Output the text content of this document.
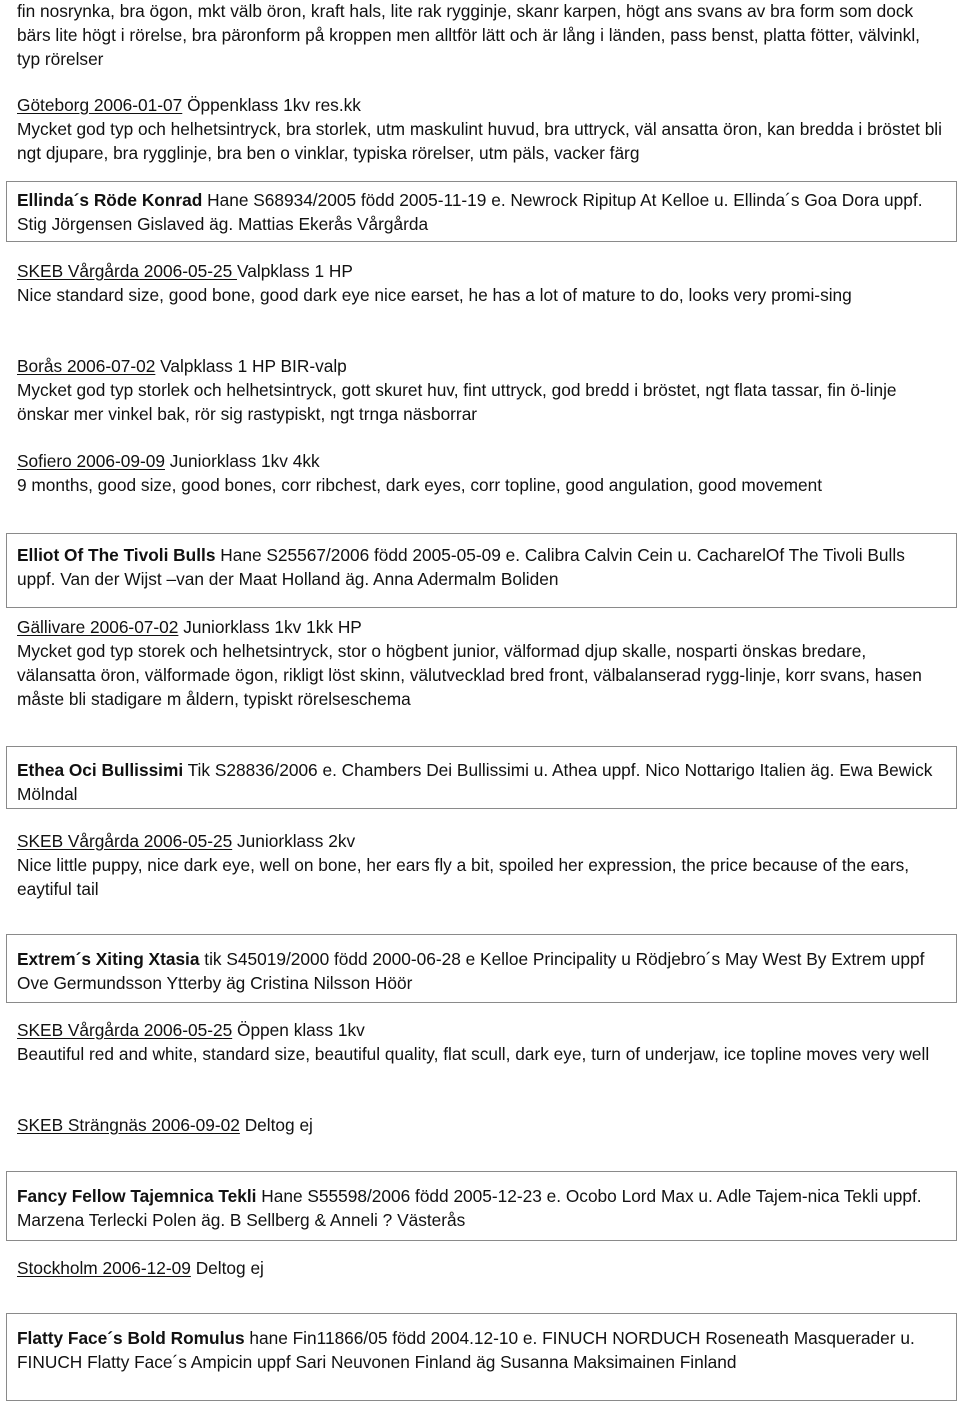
fin nosrynka, bra ögon, mkt välb öron, kraft hals, lite rak rygginje, skanr karpen, högt ans svans av bra form som dock bärs lite högt i rörelse, bra päronform på kroppen men alltför lätt och är lång i länden, pass benst, platta fötter, välvinkl, typ rörelser

Göteborg 2006-01-07 Öppenklass 1kv res.kk

Mycket god typ och helhetsintryck, bra storlek, utm maskulint huvud, bra uttryck, väl ansatta öron, kan bredda i bröstet bli ngt djupare, bra rygglinje, bra ben o vinklar, typiska rörelser, utm päls, vacker färg

Ellinda´s Röde Konrad Hane S68934/2005 född 2005-11-19 e. Newrock Ripitup At Kelloe u. Ellinda´s Goa Dora uppf. Stig Jörgensen Gislaved äg. Mattias Ekerås Vårgårda

SKEB Vårgårda 2006-05-25 Valpklass 1 HP

Nice standard size, good bone, good dark eye nice earset, he has a lot of mature to do, looks very promi-sing

Borås 2006-07-02 Valpklass 1 HP BIR-valp

Mycket god typ storlek och helhetsintryck, gott skuret huv, fint uttryck, god bredd i bröstet, ngt flata tassar, fin ö-linje önskar mer vinkel bak, rör sig rastypiskt, ngt trnga näsborrar

Sofiero 2006-09-09 Juniorklass 1kv 4kk

9 months, good size, good bones, corr ribchest, dark eyes, corr topline, good angulation, good movement

Elliot Of The Tivoli Bulls Hane S25567/2006 född 2005-05-09 e. Calibra Calvin Cein u. CacharelOf The Tivoli Bulls uppf. Van der Wijst –van der Maat Holland äg. Anna Adermalm Boliden

Gällivare 2006-07-02 Juniorklass 1kv 1kk HP

Mycket god typ storek och helhetsintryck, stor o högbent junior, välformad djup skalle, nosparti önskas bredare, välansatta öron, välformade ögon, rikligt löst skinn, välutvecklad bred front, välbalanserad rygg-linje, korr svans, hasen måste bli stadigare m åldern, typiskt rörelseschema

Ethea Oci Bullissimi Tik S28836/2006 e. Chambers Dei Bullissimi u. Athea uppf. Nico Nottarigo Italien äg. Ewa Bewick Mölndal

SKEB Vårgårda 2006-05-25 Juniorklass 2kv

Nice little puppy, nice dark eye, well on bone, her ears fly a bit, spoiled her expression, the price because of the ears, eaytiful tail

Extrem´s Xiting Xtasia tik S45019/2000 född 2000-06-28 e Kelloe Principality u Rödjebro´s May West By Extrem uppf Ove Germundsson Ytterby äg Cristina Nilsson Höör

SKEB Vårgårda 2006-05-25 Öppen klass 1kv

Beautiful red and white, standard size, beautiful quality, flat scull, dark eye, turn of underjaw, ice topline moves very well

SKEB Strängnäs 2006-09-02 Deltog ej

Fancy Fellow Tajemnica Tekli Hane S55598/2006 född 2005-12-23 e. Ocobo Lord Max u. Adle Tajem-nica Tekli uppf. Marzena Terlecki Polen äg. B Sellberg & Anneli ? Västerås

Stockholm 2006-12-09 Deltog ej

Flatty Face´s Bold Romulus hane Fin11866/05 född 2004.12-10 e. FINUCH NORDUCH Roseneath Masquerader u. FINUCH Flatty Face´s Ampicin uppf Sari Neuvonen Finland äg Susanna Maksimainen Finland
